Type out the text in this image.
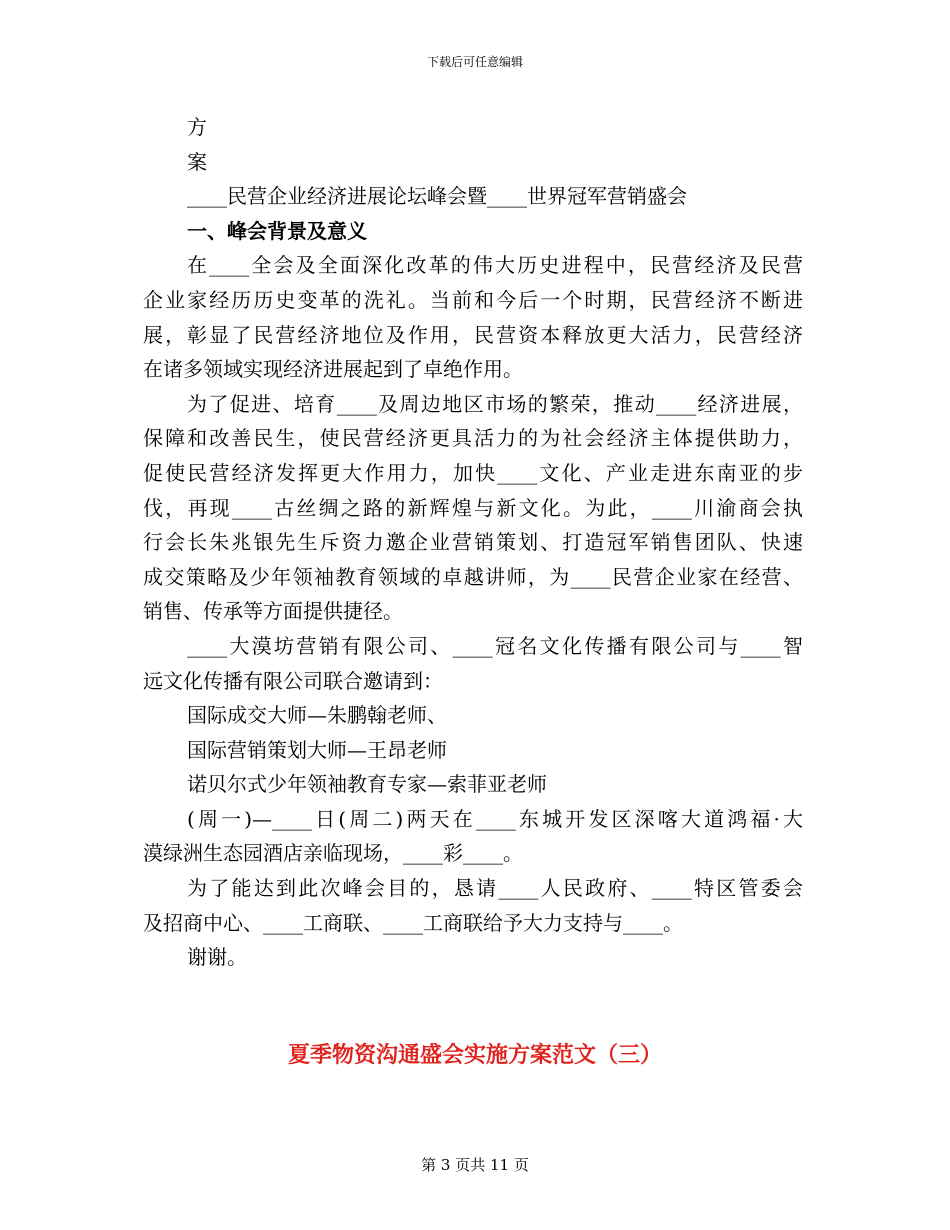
下载后可任意编辑
方
案
____民营企业经济进展论坛峰会暨____世界冠军营销盛会
一、峰会背景及意义
在____全会及全面深化改革的伟大历史进程中，民营经济及民营
企业家经历历史变革的洗礼。当前和今后一个时期，民营经济不断进
展，彰显了民营经济地位及作用，民营资本释放更大活力，民营经济
在诸多领域实现经济进展起到了卓绝作用。
为了促进、培育____及周边地区市场的繁荣，推动____经济进展，
保障和改善民生，使民营经济更具活力的为社会经济主体提供助力，
促使民营经济发挥更大作用力，加快____文化、产业走进东南亚的步
伐，再现____古丝绸之路的新辉煌与新文化。为此，____川渝商会执
行会长朱兆银先生斥资力邀企业营销策划、打造冠军销售团队、快速
成交策略及少年领袖教育领域的卓越讲师，为____民营企业家在经营、
销售、传承等方面提供捷径。
____大漠坊营销有限公司、____冠名文化传播有限公司与____智
远文化传播有限公司联合邀请到：
国际成交大师—朱鹏翰老师、
国际营销策划大师—王昂老师
诺贝尔式少年领袖教育专家—索菲亚老师
(周一)—____日(周二)两天在____东城开发区深喀大道鸿福·大
漠绿洲生态园酒店亲临现场，____彩____。
为了能达到此次峰会目的，恳请____人民政府、____特区管委会
及招商中心、____工商联、____工商联给予大力支持与____。
谢谢。
夏季物资沟通盛会实施方案范文（三）
第 3 页共 11 页
